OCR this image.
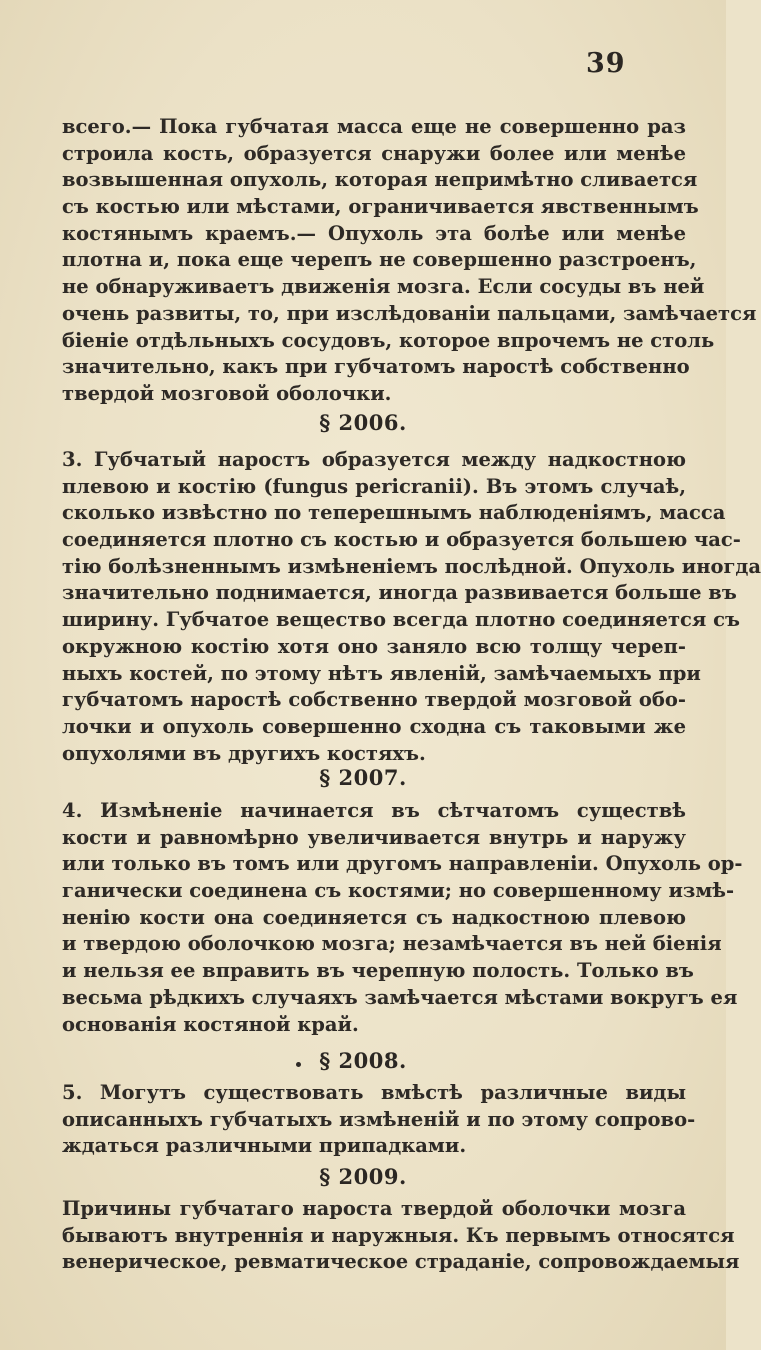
39
всего.— Пока губчатая масса еще не совершенно раз
строила кость, образуется снаружи более или менѣе
возвышенная опухоль, которая непримѣтно сливается
съ костью или мѣстами, ограничивается явственнымъ
костянымъ краемъ.— Опухоль эта болѣе или менѣе
плотна и, пока еще черепъ не совершенно разстроенъ,
не обнаруживаетъ движенія мозга. Если сосуды въ ней
очень развиты, то, при изслѣдованіи пальцами, замѣчается
біеніе отдѣльныхъ сосудовъ, которое впрочемъ не столь
значительно, какъ при губчатомъ наростѣ собственно
твердой мозговой оболочки.
§ 2006.
3. Губчатый наростъ образуется между надкостною
плевою и костію (fungus pericranii). Въ этомъ случаѣ,
сколько извѣстно по теперешнымъ наблюденіямъ, масса
соединяется плотно съ костью и образуется большею час-
тію болѣзненнымъ измѣненіемъ послѣдной. Опухоль иногда
значительно поднимается, иногда развивается больше въ
ширину. Губчатое вещество всегда плотно соединяется съ
окружною костію хотя оно заняло всю толщу череп-
ныхъ костей, по этому нѣтъ явленій, замѣчаемыхъ при
губчатомъ наростѣ собственно твердой мозговой обо-
лочки и опухоль совершенно сходна съ таковыми же
опухолями въ другихъ костяхъ.
§ 2007.
4. Измѣненіе начинается въ сѣтчатомъ существѣ
кости и равномѣрно увеличивается внутрь и наружу
или только въ томъ или другомъ направленіи. Опухоль ор-
ганически соединена съ костями; но совершенному измѣ-
ненію кости она соединяется съ надкостною плевою
и твердою оболочкою мозга; незамѣчается въ ней біенія
и нельзя ее вправить въ черепную полость. Только въ
весьма рѣдкихъ случаяхъ замѣчается мѣстами вокругъ ея
основанія костяной край.
§ 2008.
5. Могутъ существовать вмѣстѣ различные виды
описанныхъ губчатыхъ измѣненій и по этому сопрово-
ждаться различными припадками.
§ 2009.
Причины губчатаго нароста твердой оболочки мозга
бываютъ внутреннія и наружныя. Къ первымъ относятся
венерическое, ревматическое страданіе, сопровождаемыя
